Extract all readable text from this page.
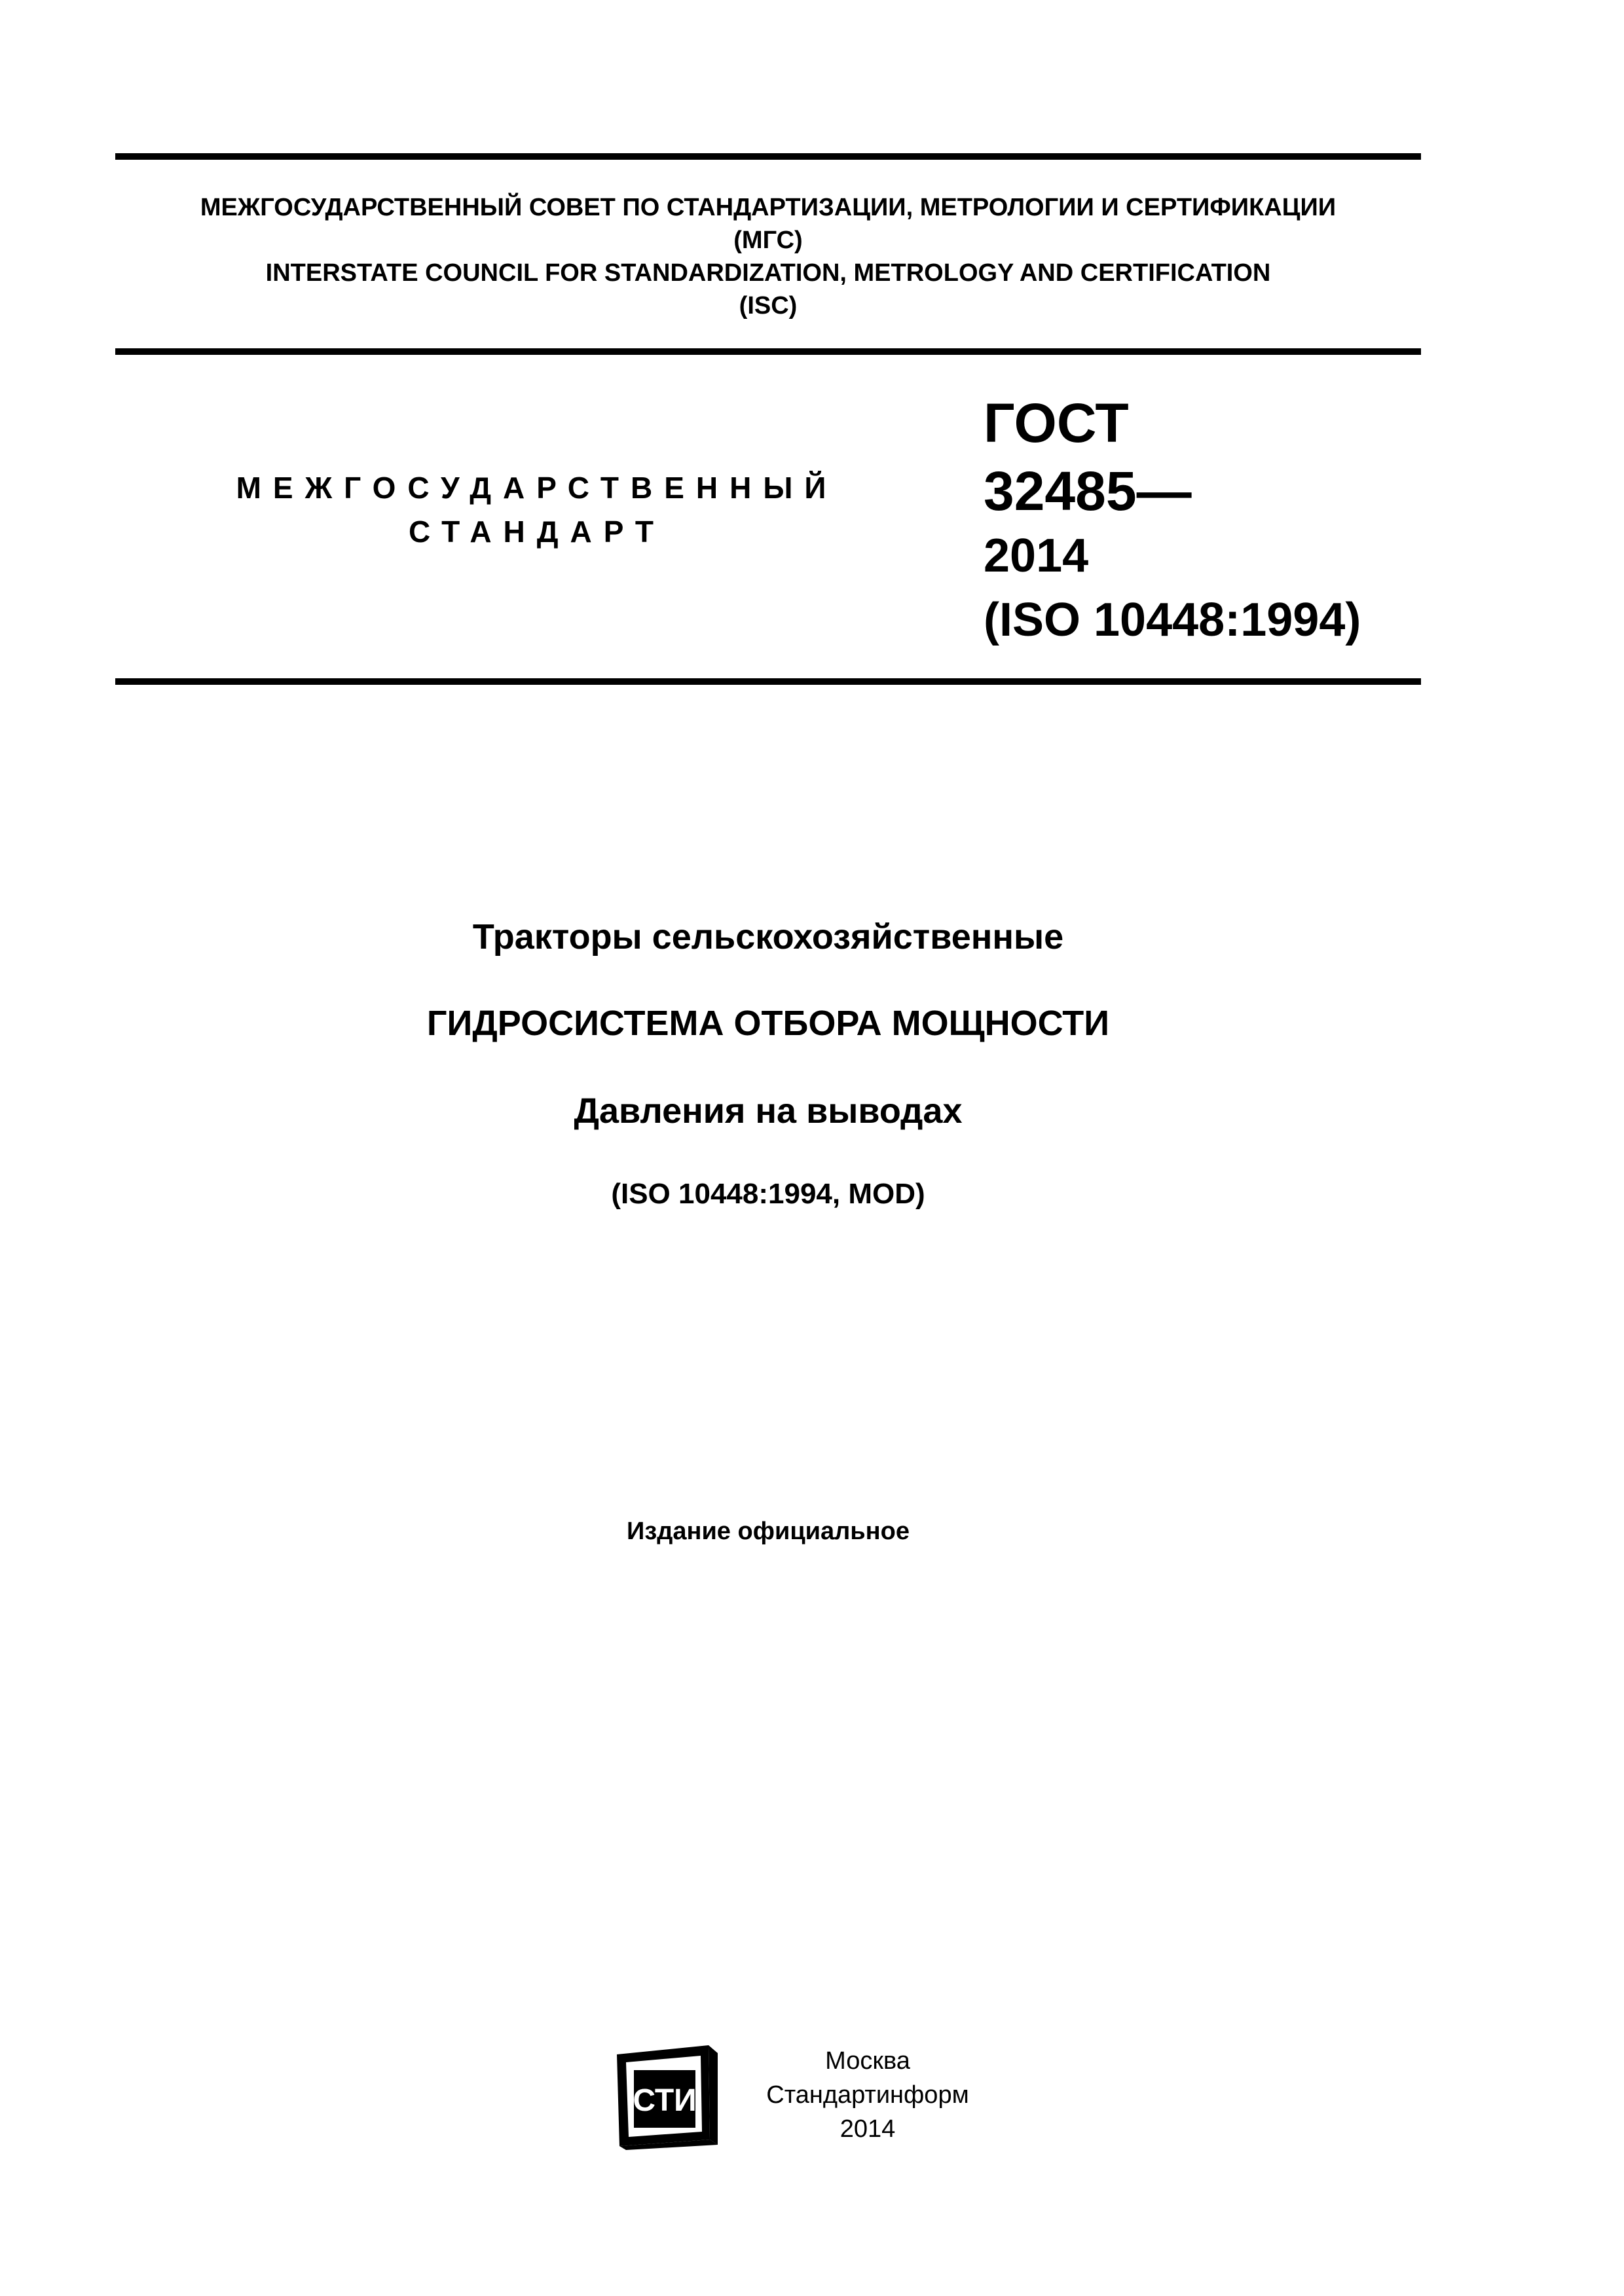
МЕЖГОСУДАРСТВЕННЫЙ СОВЕТ ПО СТАНДАРТИЗАЦИИ, МЕТРОЛОГИИ И СЕРТИФИКАЦИИ
(МГС)
INTERSTATE COUNCIL FOR STANDARDIZATION, METROLOGY AND CERTIFICATION
(ISC)
МЕЖГОСУДАРСТВЕННЫЙ
СТАНДАРТ
ГОСТ
32485—
2014
(ISO 10448:1994)
Тракторы сельскохозяйственные
ГИДРОСИСТЕМА ОТБОРА МОЩНОСТИ
Давления на выводах
(ISO 10448:1994, MOD)
Издание официальное
СТИ
Москва
Стандартинформ
2014
